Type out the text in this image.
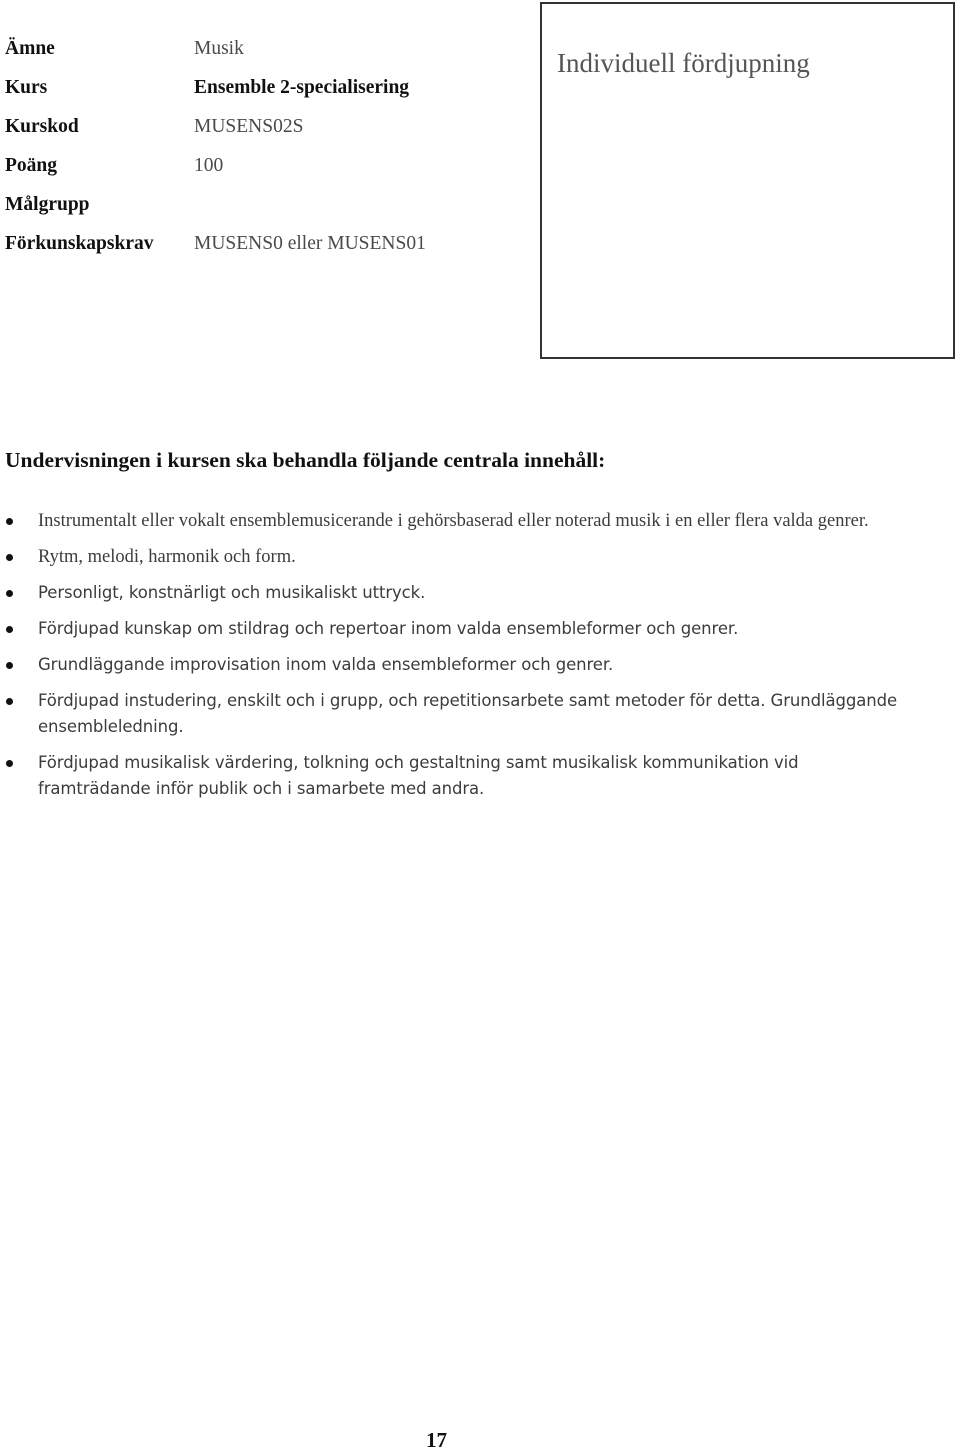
Ämne	Musik
Kurs	Ensemble 2-specialisering
Kurskod	MUSENS02S
Poäng	100
Målgrupp
Förkunskapskrav	MUSENS0 eller MUSENS01
Individuell fördjupning
Undervisningen i kursen ska behandla följande centrala innehåll:
Instrumentalt eller vokalt ensemblemusicerande i gehörsbaserad eller noterad musik i en eller flera valda genrer.
Rytm, melodi, harmonik och form.
Personligt, konstnärligt och musikaliskt uttryck.
Fördjupad kunskap om stildrag och repertoar inom valda ensembleformer och genrer.
Grundläggande improvisation inom valda ensembleformer och genrer.
Fördjupad instudering, enskilt och i grupp, och repetitionsarbete samt metoder för detta. Grundläggande ensembleledning.
Fördjupad musikalisk värdering, tolkning och gestaltning samt musikalisk kommunikation vid framträdande inför publik och i samarbete med andra.
17
